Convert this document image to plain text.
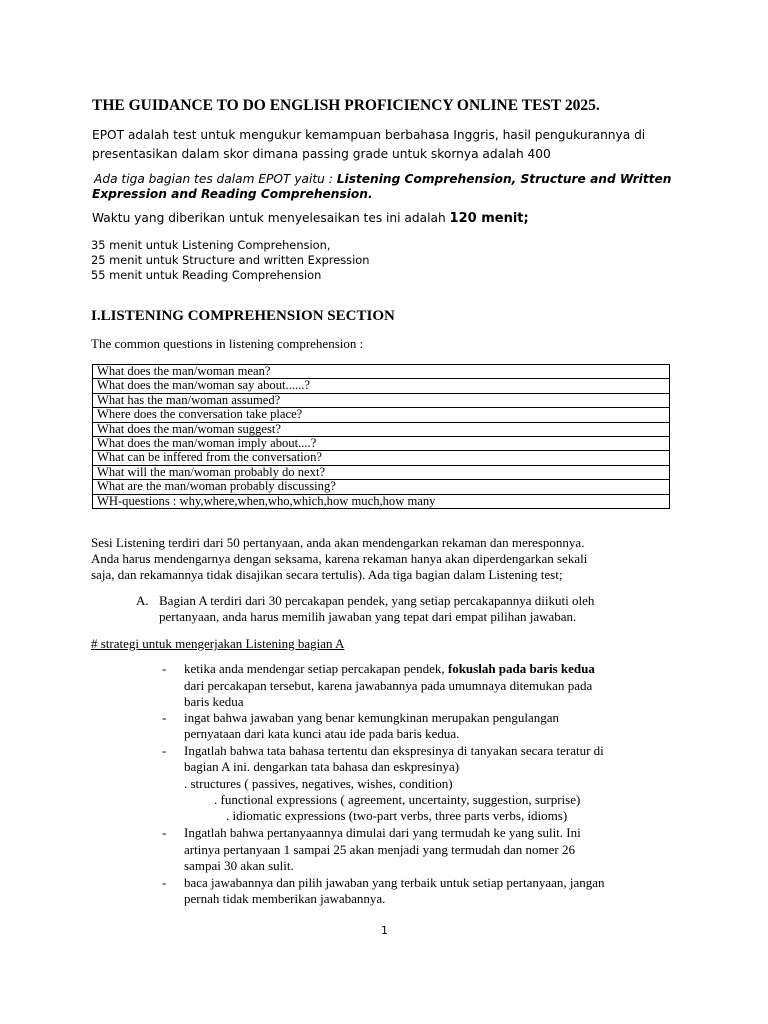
THE GUIDANCE TO DO ENGLISH PROFICIENCY ONLINE TEST 2025.
EPOT adalah test untuk mengukur kemampuan berbahasa Inggris, hasil pengukurannya di
presentasikan dalam skor dimana passing grade untuk skornya adalah 400
Ada tiga bagian tes dalam EPOT yaitu : Listening Comprehension, Structure and Written
Expression and Reading Comprehension.
Waktu yang diberikan untuk menyelesaikan tes ini adalah 120 menit;
35 menit untuk Listening Comprehension,
25 menit untuk Structure and written Expression
55 menit untuk Reading Comprehension
I.LISTENING COMPREHENSION SECTION
The common questions in listening comprehension :
What does the man/woman mean?
What does the man/woman say about......?
What has the man/woman assumed?
Where does the conversation take place?
What does the man/woman suggest?
What does the man/woman imply about....?
What can be inffered from the conversation?
What will the man/woman probably do next?
What are the man/woman probably discussing?
WH-questions : why,where,when,who,which,how much,how many
Sesi Listening terdiri dari 50 pertanyaan, anda akan mendengarkan rekaman dan meresponnya.
Anda harus mendengarnya dengan seksama, karena rekaman hanya akan diperdengarkan sekali
saja, dan rekamannya tidak disajikan secara tertulis). Ada tiga bagian dalam Listening test;
A. Bagian A terdiri dari 30 percakapan pendek, yang setiap percakapannya diikuti oleh
pertanyaan, anda harus memilih jawaban yang tepat dari empat pilihan jawaban.
# strategi untuk mengerjakan Listening bagian A
- ketika anda mendengar setiap percakapan pendek, fokuslah pada baris kedua
dari percakapan tersebut, karena jawabannya pada umumnaya ditemukan pada
baris kedua
- ingat bahwa jawaban yang benar kemungkinan merupakan pengulangan
pernyataan dari kata kunci atau ide pada baris kedua.
- Ingatlah bahwa tata bahasa tertentu dan ekspresinya di tanyakan secara teratur di
bagian A ini. dengarkan tata bahasa dan eskpresinya)
. structures ( passives, negatives, wishes, condition)
. functional expressions ( agreement, uncertainty, suggestion, surprise)
. idiomatic expressions (two-part verbs, three parts verbs, idioms)
- Ingatlah bahwa pertanyaannya dimulai dari yang termudah ke yang sulit. Ini
artinya pertanyaan 1 sampai 25 akan menjadi yang termudah dan nomer 26
sampai 30 akan sulit.
- baca jawabannya dan pilih jawaban yang terbaik untuk setiap pertanyaan, jangan
pernah tidak memberikan jawabannya.
1
